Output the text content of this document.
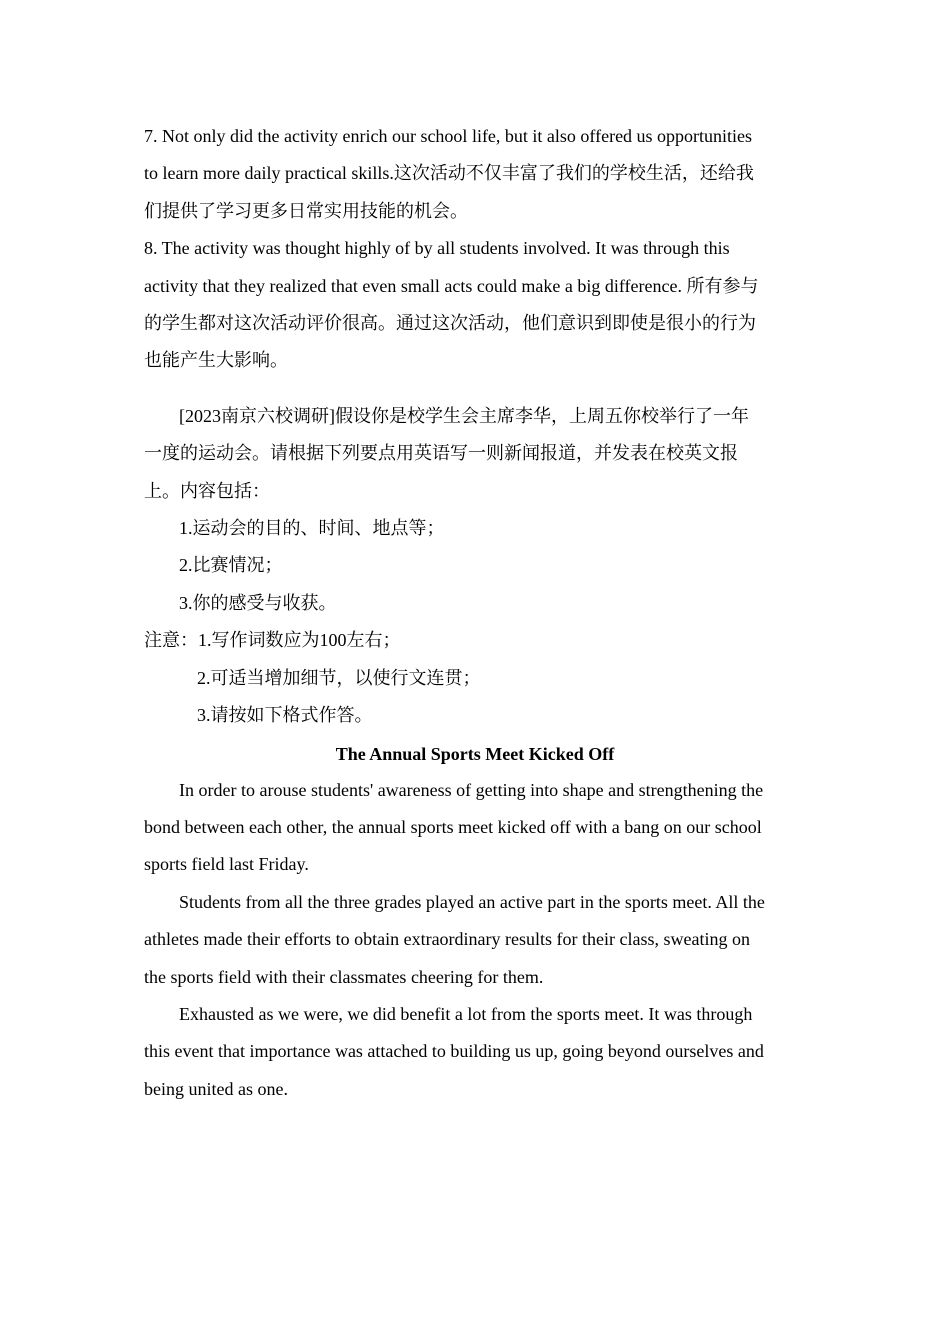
7. Not only did the activity enrich our school life, but it also offered us opportunities
to learn more daily practical skills.这次活动不仅丰富了我们的学校生活，还给我
们提供了学习更多日常实用技能的机会。
8. The activity was thought highly of by all students involved. It was through this
activity that they realized that even small acts could make a big difference. 所有参与
的学生都对这次活动评价很高。通过这次活动，他们意识到即使是很小的行为
也能产生大影响。
[2023南京六校调研]假设你是校学生会主席李华，上周五你校举行了一年
一度的运动会。请根据下列要点用英语写一则新闻报道，并发表在校英文报
上。内容包括：
1.运动会的目的、时间、地点等；
2.比赛情况；
3.你的感受与收获。
注意：1.写作词数应为100左右；
2.可适当增加细节，以使行文连贯；
3.请按如下格式作答。
The Annual Sports Meet Kicked Off
In order to arouse students' awareness of getting into shape and strengthening the
bond between each other, the annual sports meet kicked off with a bang on our school
sports field last Friday.
Students from all the three grades played an active part in the sports meet. All the
athletes made their efforts to obtain extraordinary results for their class, sweating on
the sports field with their classmates cheering for them.
Exhausted as we were, we did benefit a lot from the sports meet. It was through
this event that importance was attached to building us up, going beyond ourselves and
being united as one.
